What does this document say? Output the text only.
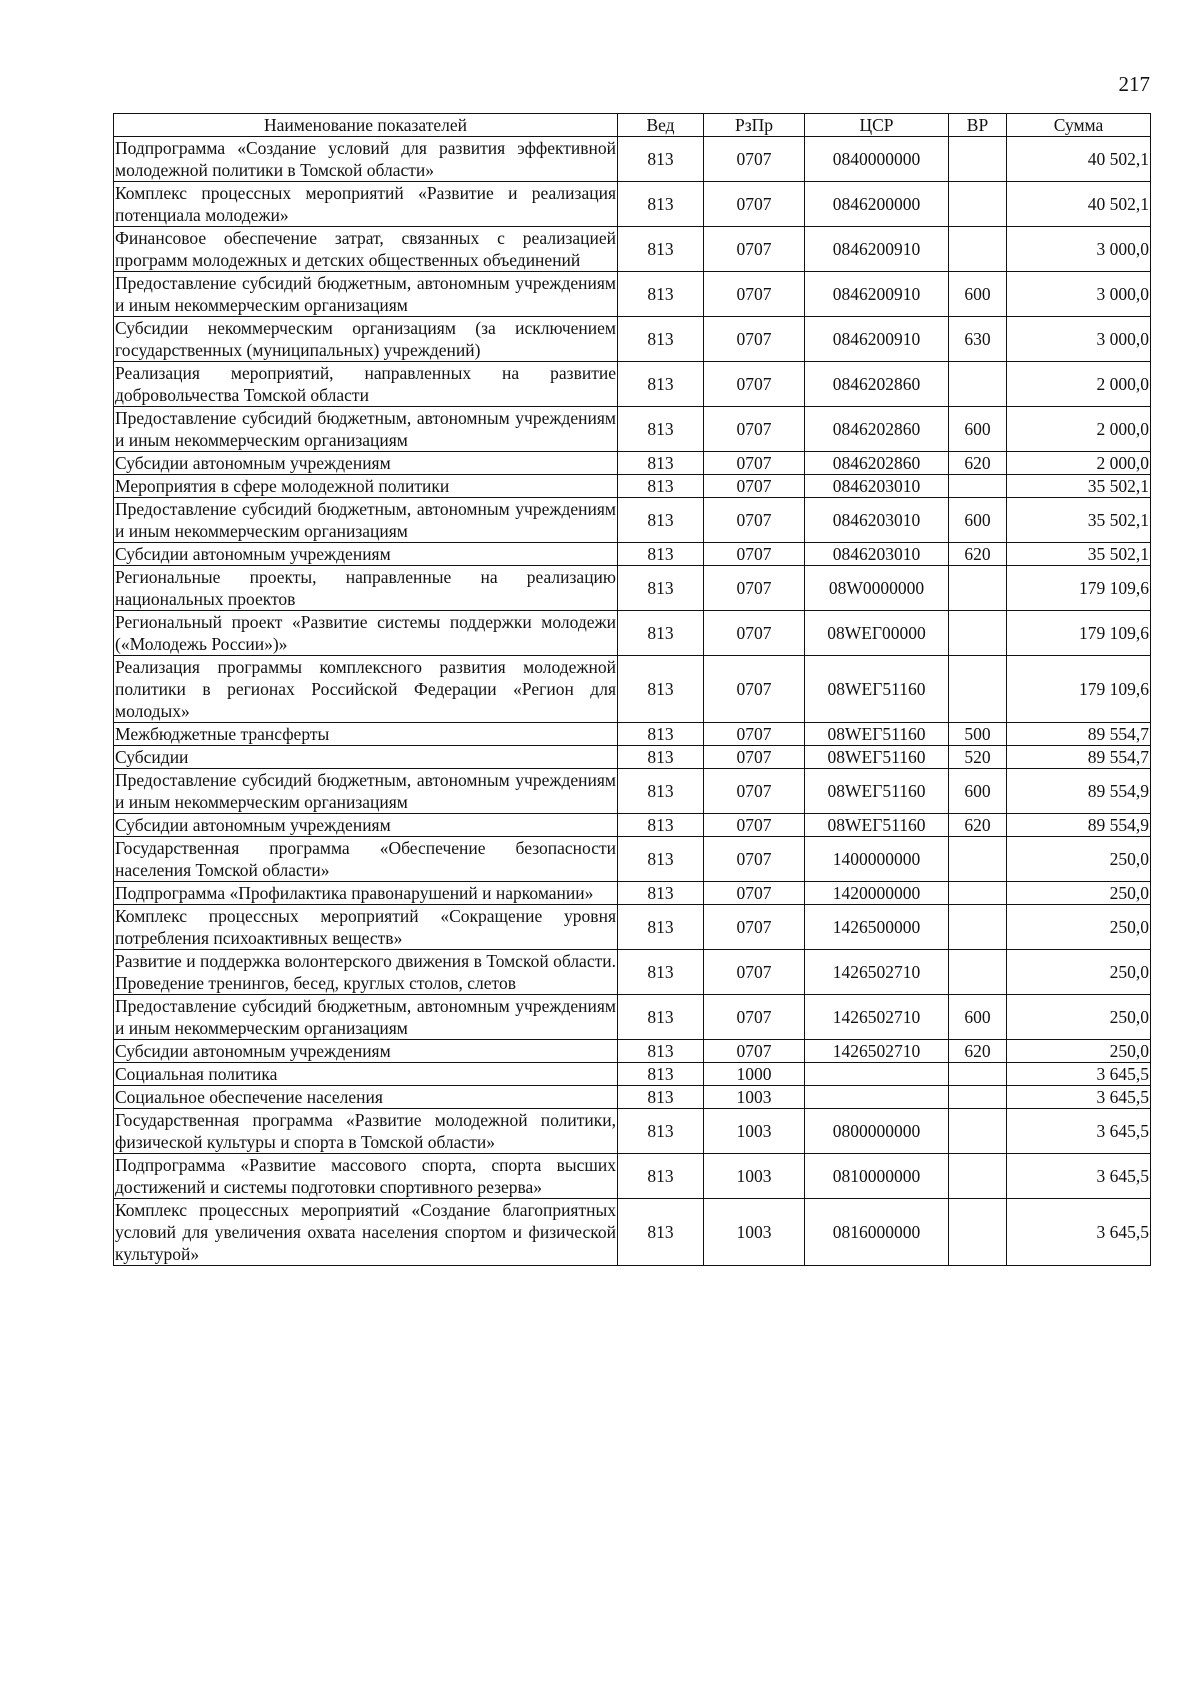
217
Наименование показателей	Вед	РзПр	ЦСР	ВР	Сумма
Подпрограмма «Создание условий для развития эффективной молодежной политики в Томской области»	813	0707	0840000000		40 502,1
Комплекс процессных мероприятий «Развитие и реализация потенциала молодежи»	813	0707	0846200000		40 502,1
Финансовое обеспечение затрат, связанных с реализацией программ молодежных и детских общественных объединений	813	0707	0846200910		3 000,0
Предоставление субсидий бюджетным, автономным учреждениям и иным некоммерческим организациям	813	0707	0846200910	600	3 000,0
Субсидии некоммерческим организациям (за исключением государственных (муниципальных) учреждений)	813	0707	0846200910	630	3 000,0
Реализация мероприятий, направленных на развитие добровольчества Томской области	813	0707	0846202860		2 000,0
Предоставление субсидий бюджетным, автономным учреждениям и иным некоммерческим организациям	813	0707	0846202860	600	2 000,0
Субсидии автономным учреждениям	813	0707	0846202860	620	2 000,0
Мероприятия в сфере молодежной политики	813	0707	0846203010		35 502,1
Предоставление субсидий бюджетным, автономным учреждениям и иным некоммерческим организациям	813	0707	0846203010	600	35 502,1
Субсидии автономным учреждениям	813	0707	0846203010	620	35 502,1
Региональные проекты, направленные на реализацию национальных проектов	813	0707	08W0000000		179 109,6
Региональный проект «Развитие системы поддержки молодежи («Молодежь России»)»	813	0707	08WEГ00000		179 109,6
Реализация программы комплексного развития молодежной политики в регионах Российской Федерации «Регион для молодых»	813	0707	08WEГ51160		179 109,6
Межбюджетные трансферты	813	0707	08WEГ51160	500	89 554,7
Субсидии	813	0707	08WEГ51160	520	89 554,7
Предоставление субсидий бюджетным, автономным учреждениям и иным некоммерческим организациям	813	0707	08WEГ51160	600	89 554,9
Субсидии автономным учреждениям	813	0707	08WEГ51160	620	89 554,9
Государственная программа «Обеспечение безопасности населения Томской области»	813	0707	1400000000		250,0
Подпрограмма «Профилактика правонарушений и наркомании»	813	0707	1420000000		250,0
Комплекс процессных мероприятий «Сокращение уровня потребления психоактивных веществ»	813	0707	1426500000		250,0
Развитие и поддержка волонтерского движения в Томской области. Проведение тренингов, бесед, круглых столов, слетов	813	0707	1426502710		250,0
Предоставление субсидий бюджетным, автономным учреждениям и иным некоммерческим организациям	813	0707	1426502710	600	250,0
Субсидии автономным учреждениям	813	0707	1426502710	620	250,0
Социальная политика	813	1000			3 645,5
Социальное обеспечение населения	813	1003			3 645,5
Государственная программа «Развитие молодежной политики, физической культуры и спорта в Томской области»	813	1003	0800000000		3 645,5
Подпрограмма «Развитие массового спорта, спорта высших достижений и системы подготовки спортивного резерва»	813	1003	0810000000		3 645,5
Комплекс процессных мероприятий «Создание благоприятных условий для увеличения охвата населения спортом и физической культурой»	813	1003	0816000000		3 645,5
